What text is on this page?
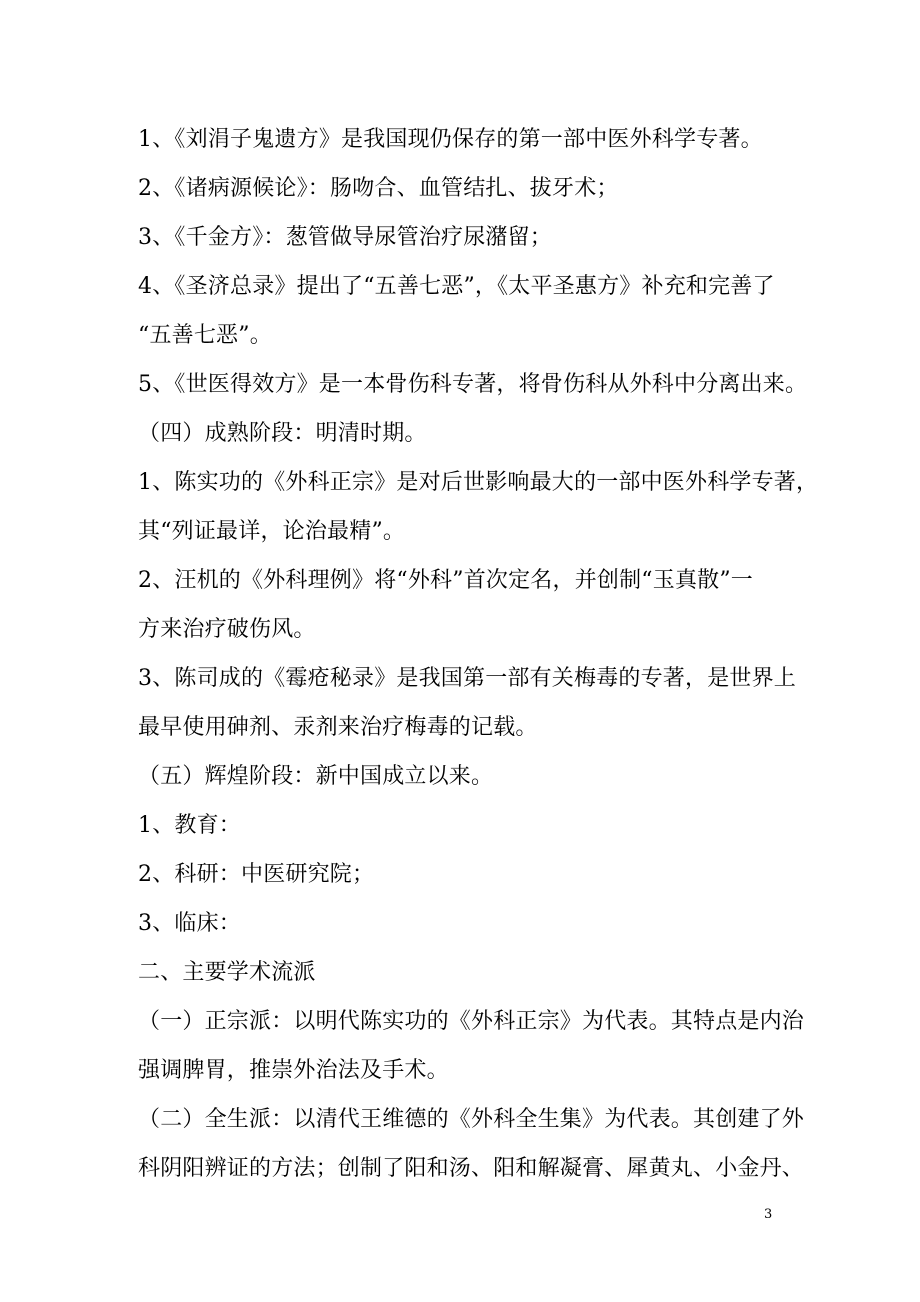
1、《刘涓子鬼遗方》是我国现仍保存的第一部中医外科学专著。
2、《诸病源候论》：肠吻合、血管结扎、拔牙术；
3、《千金方》：葱管做导尿管治疗尿潴留；
4、《圣济总录》提出了“五善七恶”，《太平圣惠方》补充和完善了
“五善七恶”。
5、《世医得效方》是一本骨伤科专著，将骨伤科从外科中分离出来。
（四）成熟阶段：明清时期。
1、陈实功的《外科正宗》是对后世影响最大的一部中医外科学专著，
其“列证最详，论治最精”。
2、汪机的《外科理例》将“外科”首次定名，并创制“玉真散”一
方来治疗破伤风。
3、陈司成的《霉疮秘录》是我国第一部有关梅毒的专著，是世界上
最早使用砷剂、汞剂来治疗梅毒的记载。
（五）辉煌阶段：新中国成立以来。
1、教育：
2、科研：中医研究院；
3、临床：
二、主要学术流派
（一）正宗派：以明代陈实功的《外科正宗》为代表。其特点是内治
强调脾胃，推崇外治法及手术。
（二）全生派：以清代王维德的《外科全生集》为代表。其创建了外
科阴阳辨证的方法；创制了阳和汤、阳和解凝膏、犀黄丸、小金丹、
3
